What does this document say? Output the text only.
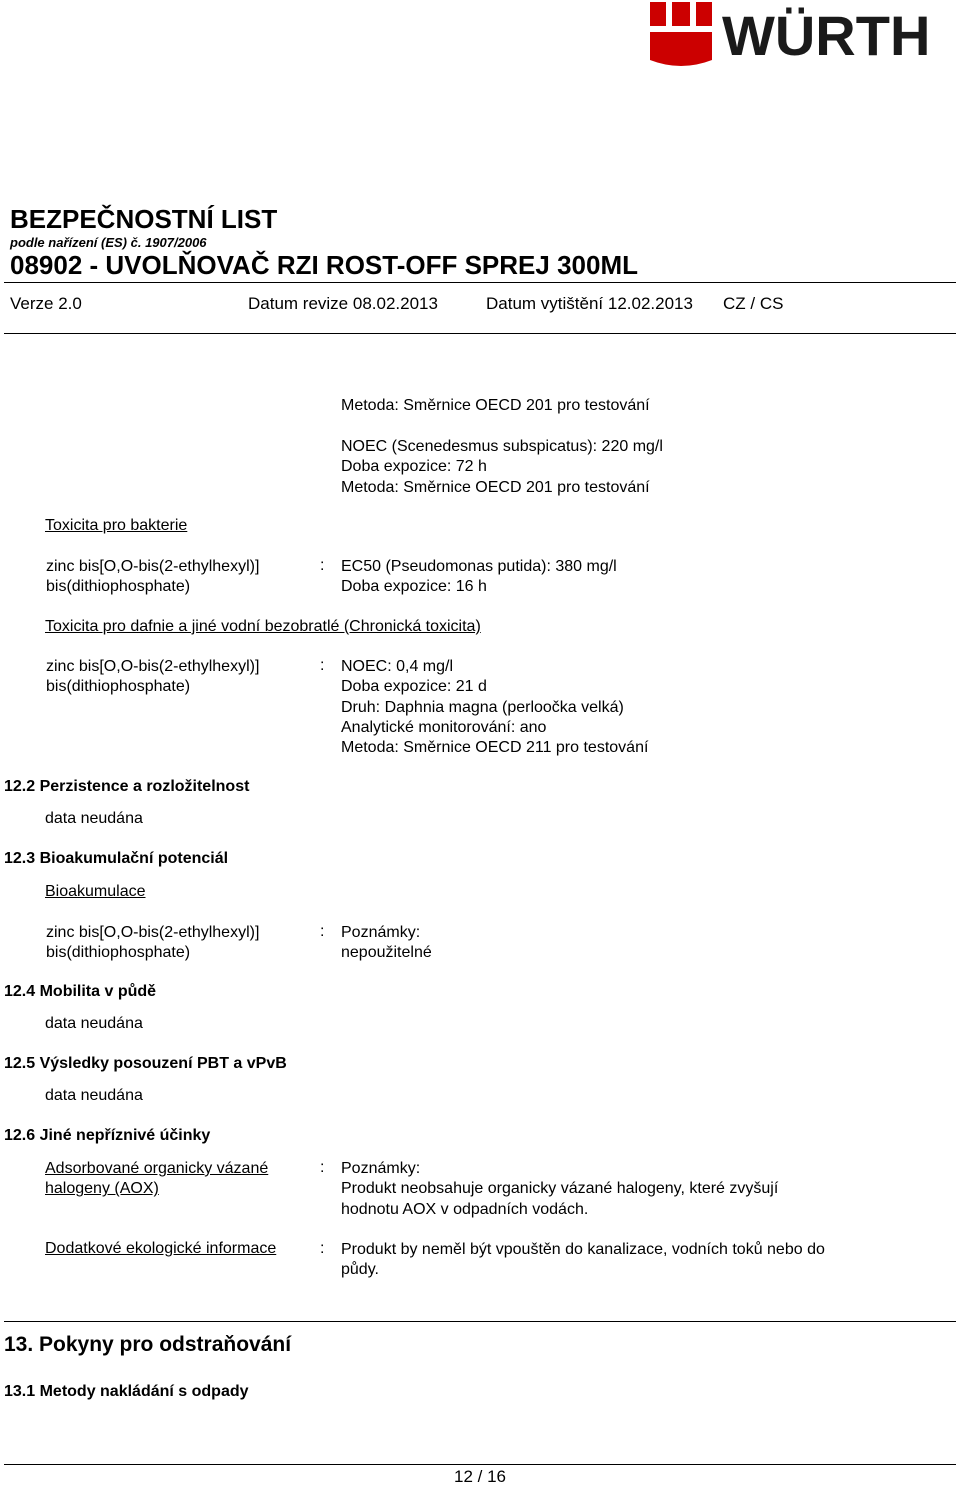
WÜRTH
BEZPEČNOSTNÍ LIST
podle nařízení (ES) č. 1907/2006
08902 - UVOLŇOVAČ RZI ROST-OFF SPREJ 300ML
Verze 2.0	Datum revize 08.02.2013	Datum vytištění 12.02.2013 CZ / CS
Metoda: Směrnice OECD 201 pro testování
NOEC (Scenedesmus subspicatus): 220 mg/l
Doba expozice: 72 h
Metoda: Směrnice OECD 201 pro testování
Toxicita pro bakterie
zinc bis[O,O-bis(2-ethylhexyl)]
bis(dithiophosphate)
: EC50 (Pseudomonas putida): 380 mg/l
Doba expozice: 16 h
Toxicita pro dafnie a jiné vodní bezobratlé (Chronická toxicita)
zinc bis[O,O-bis(2-ethylhexyl)]
bis(dithiophosphate)
: NOEC: 0,4 mg/l
Doba expozice: 21 d
Druh: Daphnia magna (perloočka velká)
Analytické monitorování: ano
Metoda: Směrnice OECD 211 pro testování
12.2 Perzistence a rozložitelnost
data neudána
12.3 Bioakumulační potenciál
Bioakumulace
zinc bis[O,O-bis(2-ethylhexyl)]
bis(dithiophosphate)
: Poznámky:
nepoužitelné
12.4 Mobilita v půdě
data neudána
12.5 Výsledky posouzení PBT a vPvB
data neudána
12.6 Jiné nepříznivé účinky
Adsorbované organicky vázané
halogeny (AOX)
: Poznámky:
Produkt neobsahuje organicky vázané halogeny, které zvyšují
hodnotu AOX v odpadních vodách.
Dodatkové ekologické informace	: Produkt by neměl být vpouštěn do kanalizace, vodních toků nebo do
půdy.
13. Pokyny pro odstraňování
13.1 Metody nakládání s odpady
12 / 16
